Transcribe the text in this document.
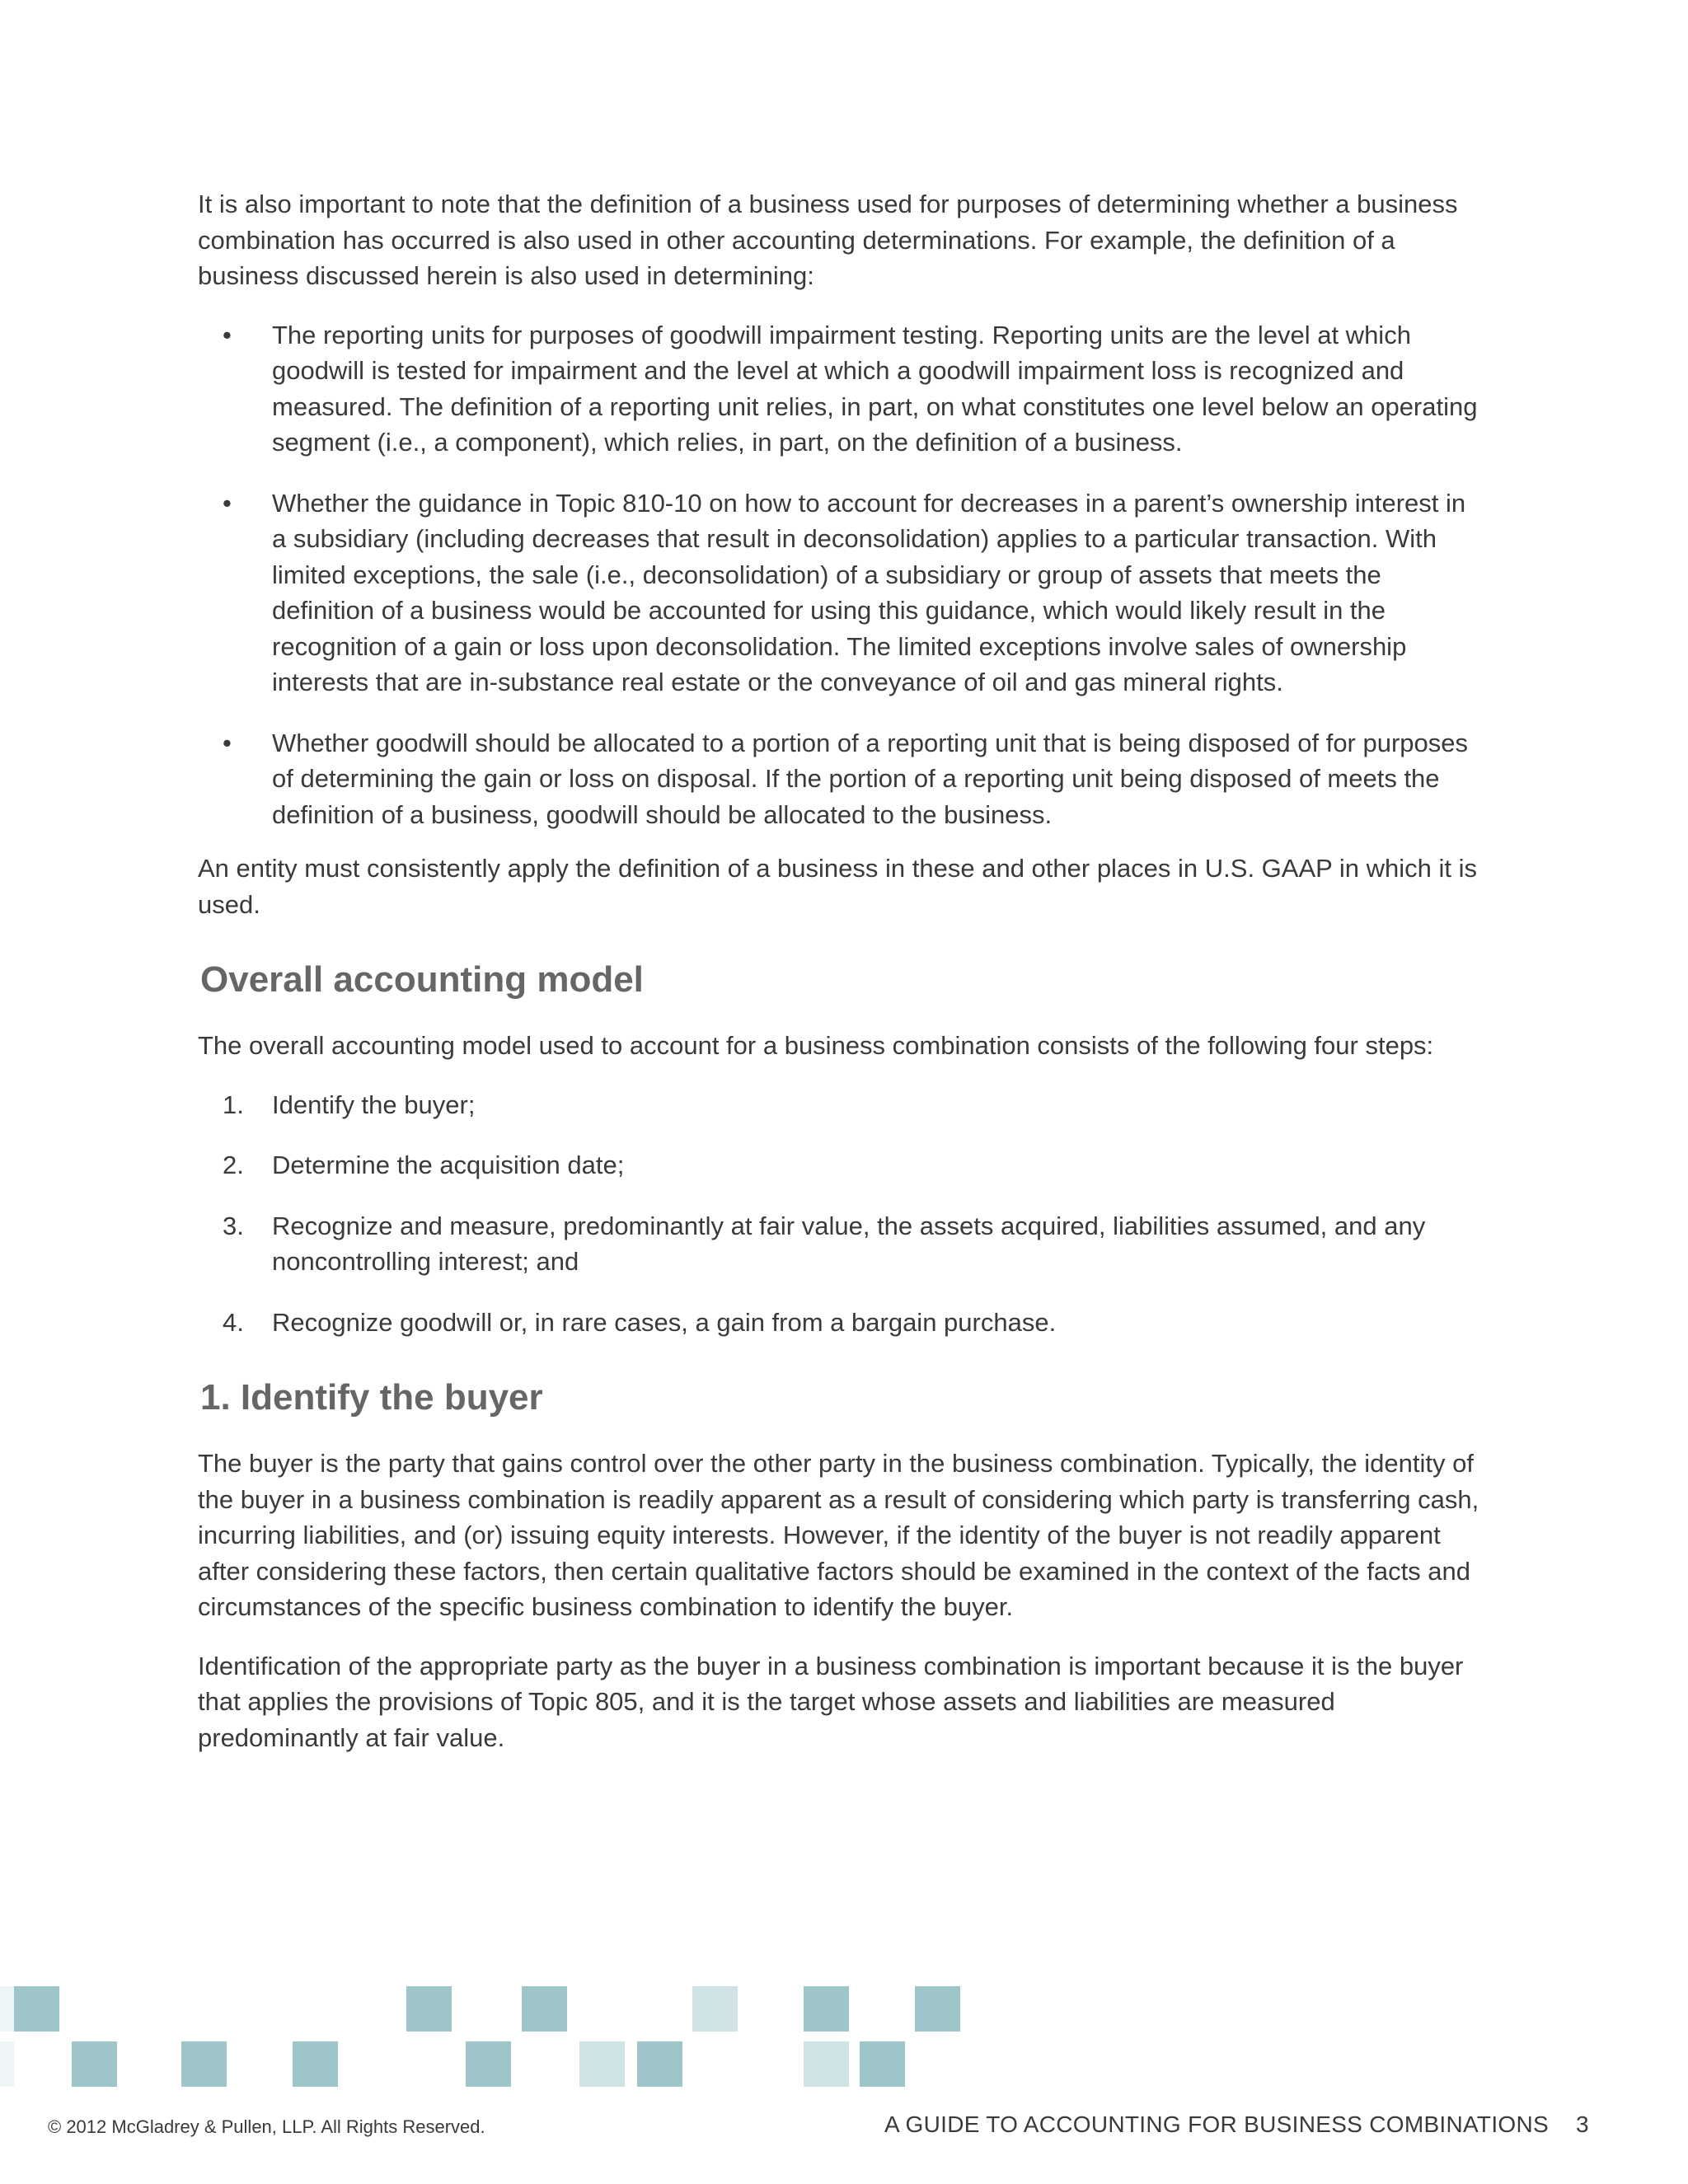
It is also important to note that the definition of a business used for purposes of determining whether a business combination has occurred is also used in other accounting determinations. For example, the definition of a business discussed herein is also used in determining:

• The reporting units for purposes of goodwill impairment testing. Reporting units are the level at which goodwill is tested for impairment and the level at which a goodwill impairment loss is recognized and measured. The definition of a reporting unit relies, in part, on what constitutes one level below an operating segment (i.e., a component), which relies, in part, on the definition of a business.
• Whether the guidance in Topic 810-10 on how to account for decreases in a parent’s ownership interest in a subsidiary (including decreases that result in deconsolidation) applies to a particular transaction. With limited exceptions, the sale (i.e., deconsolidation) of a subsidiary or group of assets that meets the definition of a business would be accounted for using this guidance, which would likely result in the recognition of a gain or loss upon deconsolidation. The limited exceptions involve sales of ownership interests that are in-substance real estate or the conveyance of oil and gas mineral rights.
• Whether goodwill should be allocated to a portion of a reporting unit that is being disposed of for purposes of determining the gain or loss on disposal. If the portion of a reporting unit being disposed of meets the definition of a business, goodwill should be allocated to the business.

An entity must consistently apply the definition of a business in these and other places in U.S. GAAP in which it is used.

Overall accounting model

The overall accounting model used to account for a business combination consists of the following four steps:

1. Identify the buyer;
2. Determine the acquisition date;
3. Recognize and measure, predominantly at fair value, the assets acquired, liabilities assumed, and any noncontrolling interest; and
4. Recognize goodwill or, in rare cases, a gain from a bargain purchase.
1. Identify the buyer

The buyer is the party that gains control over the other party in the business combination. Typically, the identity of the buyer in a business combination is readily apparent as a result of considering which party is transferring cash, incurring liabilities, and (or) issuing equity interests. However, if the identity of the buyer is not readily apparent after considering these factors, then certain qualitative factors should be examined in the context of the facts and circumstances of the specific business combination to identify the buyer.

Identification of the appropriate party as the buyer in a business combination is important because it is the buyer that applies the provisions of Topic 805, and it is the target whose assets and liabilities are measured predominantly at fair value.

© 2012 McGladrey & Pullen, LLP. All Rights Reserved.	A GUIDE TO ACCOUNTING FOR BUSINESS COMBINATIONS 3
